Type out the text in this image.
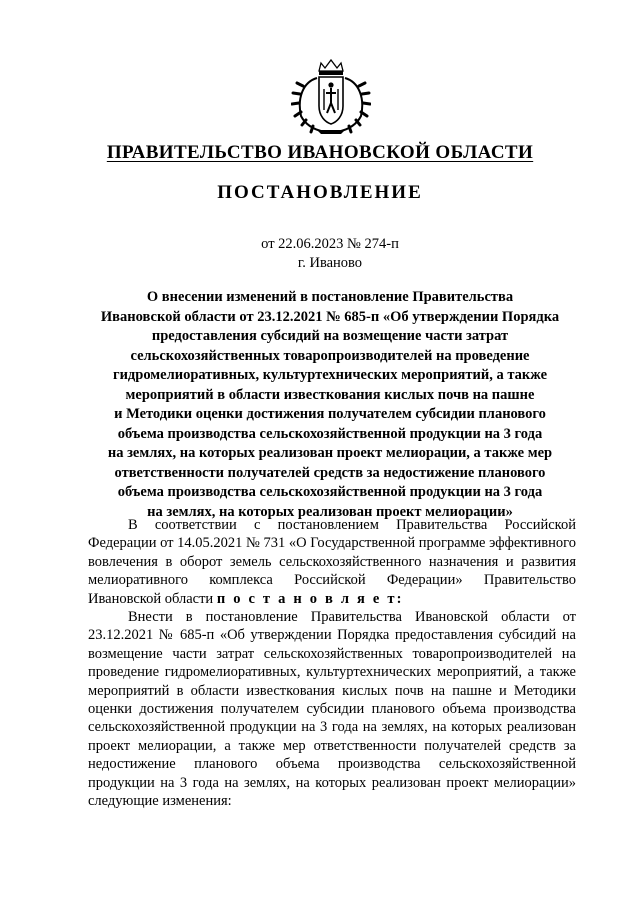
ПРАВИТЕЛЬСТВО ИВАНОВСКОЙ ОБЛАСТИ
ПОСТАНОВЛЕНИЕ
от 22.06.2023 № 274-п
г. Иваново
О внесении изменений в постановление Правительства
Ивановской области от 23.12.2021 № 685-п «Об утверждении Порядка
предоставления субсидий на возмещение части затрат
сельскохозяйственных товаропроизводителей на проведение
гидромелиоративных, культуртехнических мероприятий, а также
мероприятий в области известкования кислых почв на пашне
и Методики оценки достижения получателем субсидии планового
объема производства сельскохозяйственной продукции на 3 года
на землях, на которых реализован проект мелиорации, а также мер
ответственности получателей средств за недостижение планового
объема производства сельскохозяйственной продукции на 3 года
на землях, на которых реализован проект мелиорации»

В соответствии с постановлением Правительства Российской Федерации от 14.05.2021 № 731 «О Государственной программе эффективного вовлечения в оборот земель сельскохозяйственного назначения и развития мелиоративного комплекса Российской Федерации» Правительство Ивановской области п о с т а н о в л я е т:

Внести в постановление Правительства Ивановской области от 23.12.2021 № 685-п «Об утверждении Порядка предоставления субсидий на возмещение части затрат сельскохозяйственных товаропроизводителей на проведение гидромелиоративных, культуртехнических мероприятий, а также мероприятий в области известкования кислых почв на пашне и Методики оценки достижения получателем субсидии планового объема производства сельскохозяйственной продукции на 3 года на землях, на которых реализован проект мелиорации, а также мер ответственности получателей средств за недостижение планового объема производства сельскохозяйственной продукции на 3 года на землях, на которых реализован проект мелиорации» следующие изменения:
